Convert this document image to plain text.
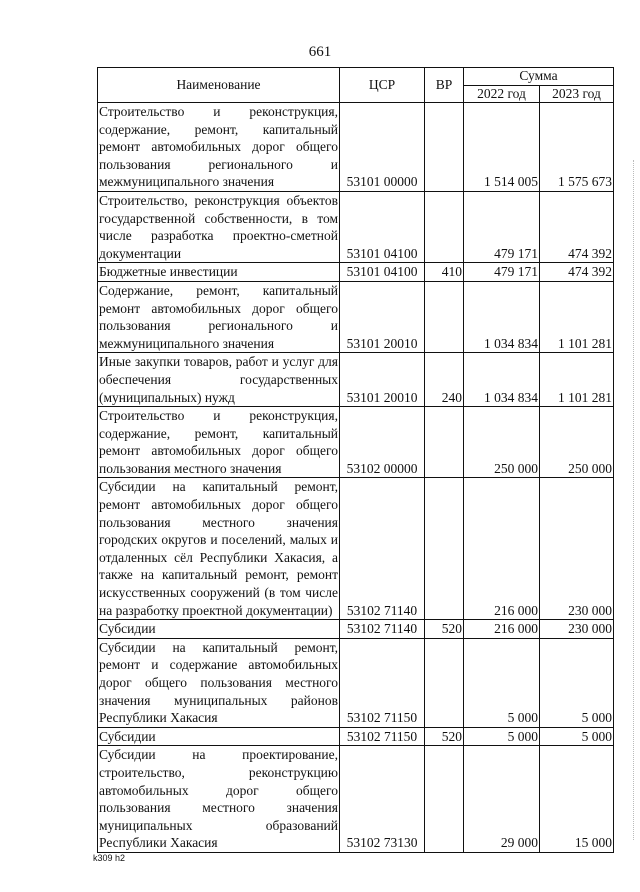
661
Наименование	ЦСР	ВР	Сумма	
			2022 год	2023 год
Строительство и реконструкция, содержание, ремонт, капитальный ремонт автомобильных дорог общего пользования регионального и межмуниципального значения	53101 00000		1 514 005	1 575 673
Строительство, реконструкция объектов государственной собственности, в том числе разработка проектно-сметной документации	53101 04100		479 171	474 392
Бюджетные инвестиции	53101 04100	410	479 171	474 392
Содержание, ремонт, капитальный ремонт автомобильных дорог общего пользования регионального и межмуниципального значения	53101 20010		1 034 834	1 101 281
Иные закупки товаров, работ и услуг для обеспечения государственных (муниципальных) нужд	53101 20010	240	1 034 834	1 101 281
Строительство и реконструкция, содержание, ремонт, капитальный ремонт автомобильных дорог общего пользования местного значения	53102 00000		250 000	250 000
Субсидии на капитальный ремонт, ремонт автомобильных дорог общего пользования местного значения городских округов и поселений, малых и отдаленных сёл Республики Хакасия, а также на капитальный ремонт, ремонт искусственных сооружений (в том числе на разработку проектной документации)	53102 71140		216 000	230 000
Субсидии	53102 71140	520	216 000	230 000
Субсидии на капитальный ремонт, ремонт и содержание автомобильных дорог общего пользования местного значения муниципальных районов Республики Хакасия	53102 71150		5 000	5 000
Субсидии	53102 71150	520	5 000	5 000
Субсидии на проектирование, строительство, реконструкцию автомобильных дорог общего пользования местного значения муниципальных образований Республики Хакасия	53102 73130		29 000	15 000
k309 h2
